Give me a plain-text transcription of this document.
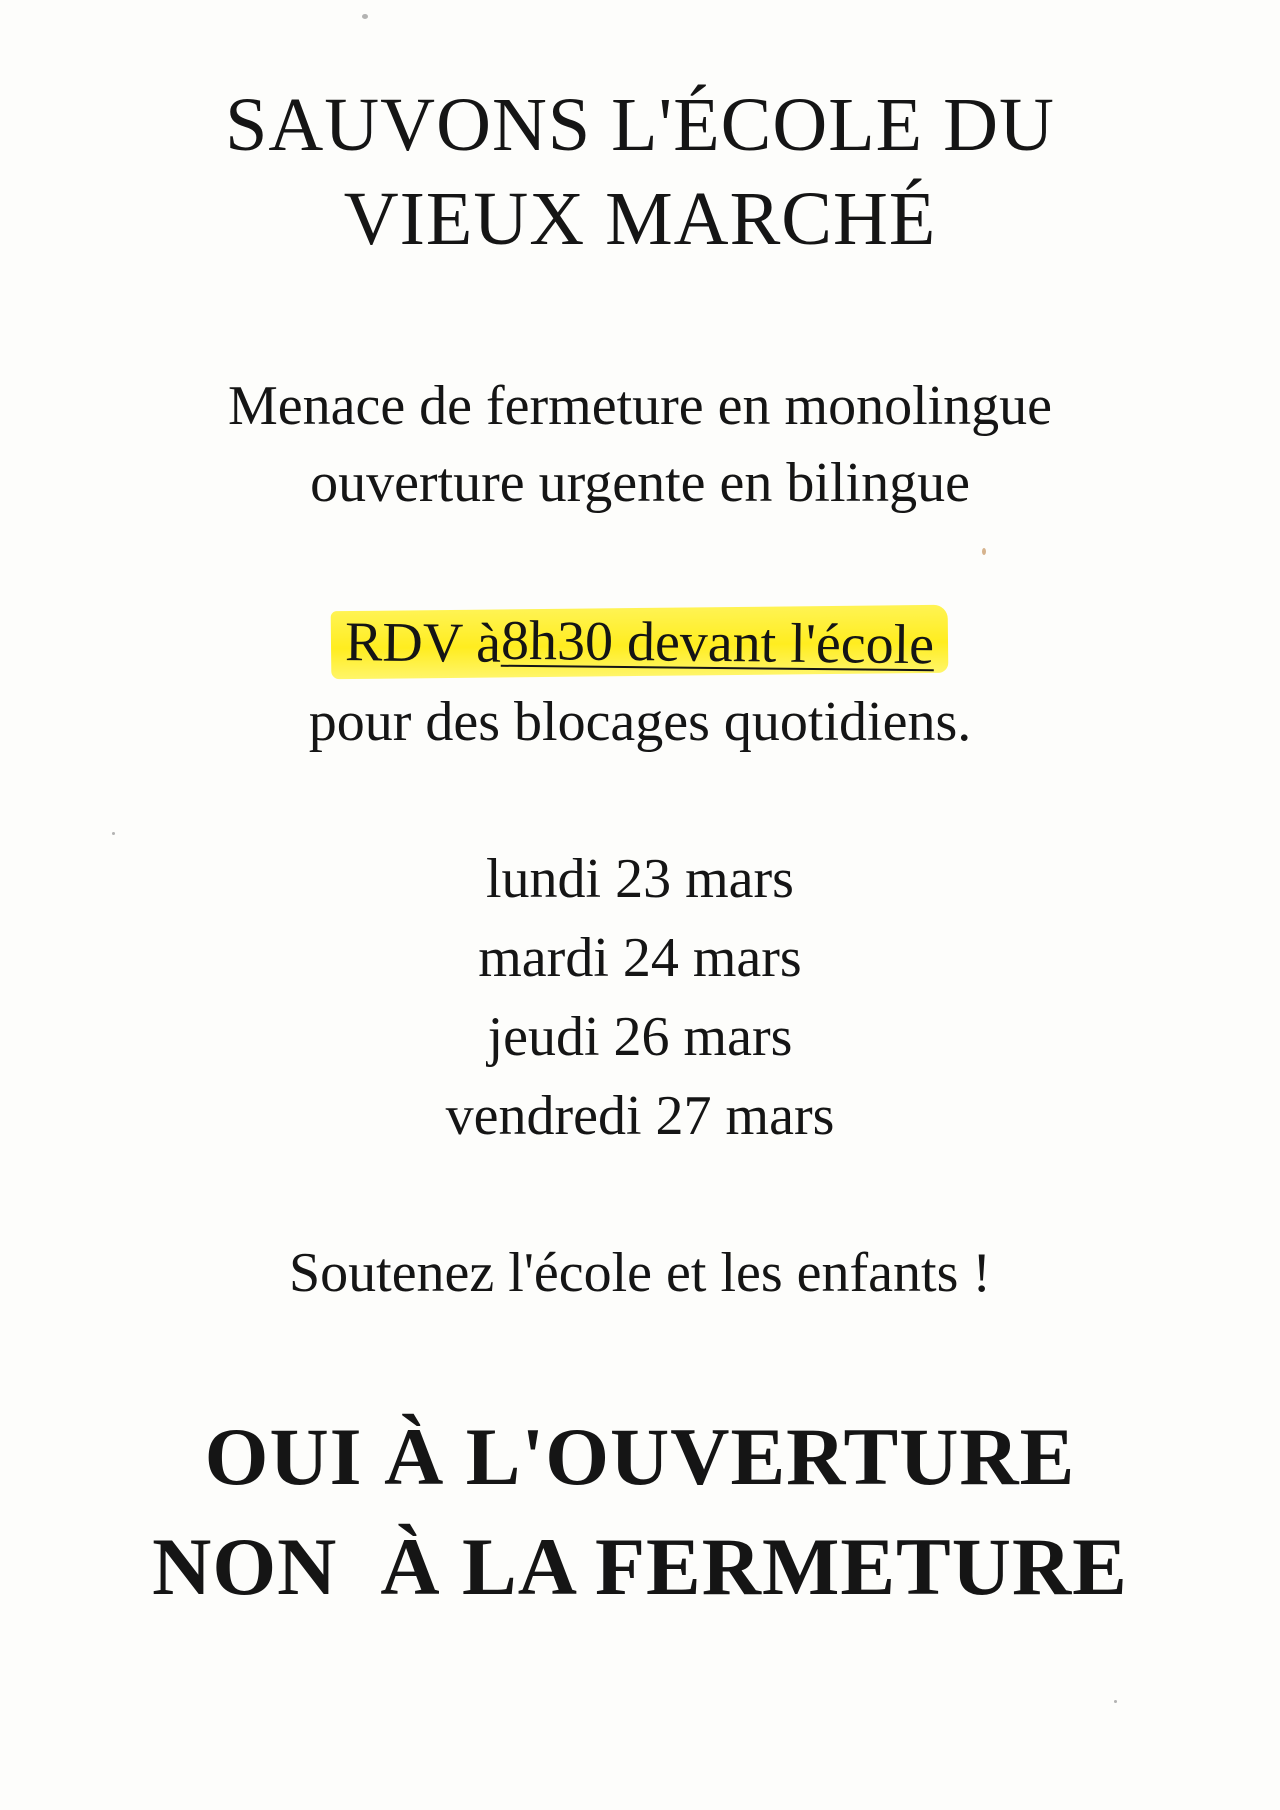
SAUVONS L'ÉCOLE DU
VIEUX MARCHÉ
Menace de fermeture en monolingue
ouverture urgente en bilingue
RDV à8h30 devant l'école
pour des blocages quotidiens.
lundi 23 mars
mardi 24 mars
jeudi 26 mars
vendredi 27 mars
Soutenez l'école et les enfants !
OUI À L'OUVERTURE
NON  À LA FERMETURE
